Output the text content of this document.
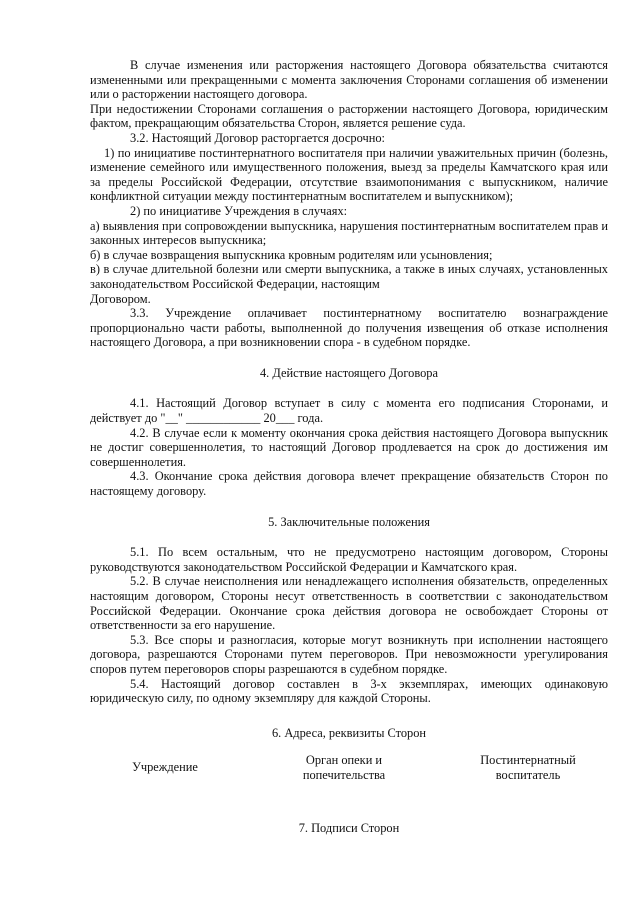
В случае изменения или расторжения настоящего Договора обязательства считаются измененными или прекращенными с момента заключения Сторонами соглашения об изменении или о расторжении настоящего договора.

При недостижении Сторонами соглашения о расторжении настоящего Договора, юридическим фактом, прекращающим обязательства Сторон, является решение суда.

3.2. Настоящий Договор расторгается досрочно:

1) по инициативе постинтернатного воспитателя при наличии уважительных причин (болезнь, изменение семейного или имущественного положения, выезд за пределы Камчатского края или за пределы Российской Федерации, отсутствие взаимопонимания с выпускником, наличие конфликтной ситуации между постинтернатным воспитателем и выпускником);

2) по инициативе Учреждения в случаях:

а) выявления при сопровождении выпускника, нарушения постинтернатным воспитателем прав и законных интересов выпускника;

б) в случае возвращения выпускника кровным родителям или усыновления;

в) в случае длительной болезни или смерти выпускника, а также в иных случаях, установленных законодательством Российской Федерации, настоящим

Договором.

3.3. Учреждение оплачивает постинтернатному воспитателю вознаграждение пропорционально части работы, выполненной до получения извещения об отказе исполнения настоящего Договора, а при возникновении спора - в судебном порядке.

4. Действие настоящего Договора

4.1. Настоящий Договор вступает в силу с момента его подписания Сторонами, и действует до "__" ____________ 20___ года.

4.2. В случае если к моменту окончания срока действия настоящего Договора выпускник не достиг совершеннолетия, то настоящий Договор продлевается на срок до достижения им совершеннолетия.

4.3. Окончание срока действия договора влечет прекращение обязательств Сторон по настоящему договору.

5. Заключительные положения

5.1. По всем остальным, что не предусмотрено настоящим договором, Стороны руководствуются законодательством Российской Федерации и Камчатского края.

5.2. В случае неисполнения или ненадлежащего исполнения обязательств, определенных настоящим договором, Стороны несут ответственность в соответствии с законодательством Российской Федерации. Окончание срока действия договора не освобождает Стороны от ответственности за его нарушение.

5.3. Все споры и разногласия, которые могут возникнуть при исполнении настоящего договора, разрешаются Сторонами путем переговоров. При невозможности урегулирования споров путем переговоров споры разрешаются в судебном порядке.

5.4. Настоящий договор составлен в 3-х экземплярах, имеющих одинаковую юридическую силу, по одному экземпляру для каждой Стороны.

6. Адреса, реквизиты Сторон

Учреждение	Орган опеки и
попечительства
Постинтернатный
воспитатель

7. Подписи Сторон
